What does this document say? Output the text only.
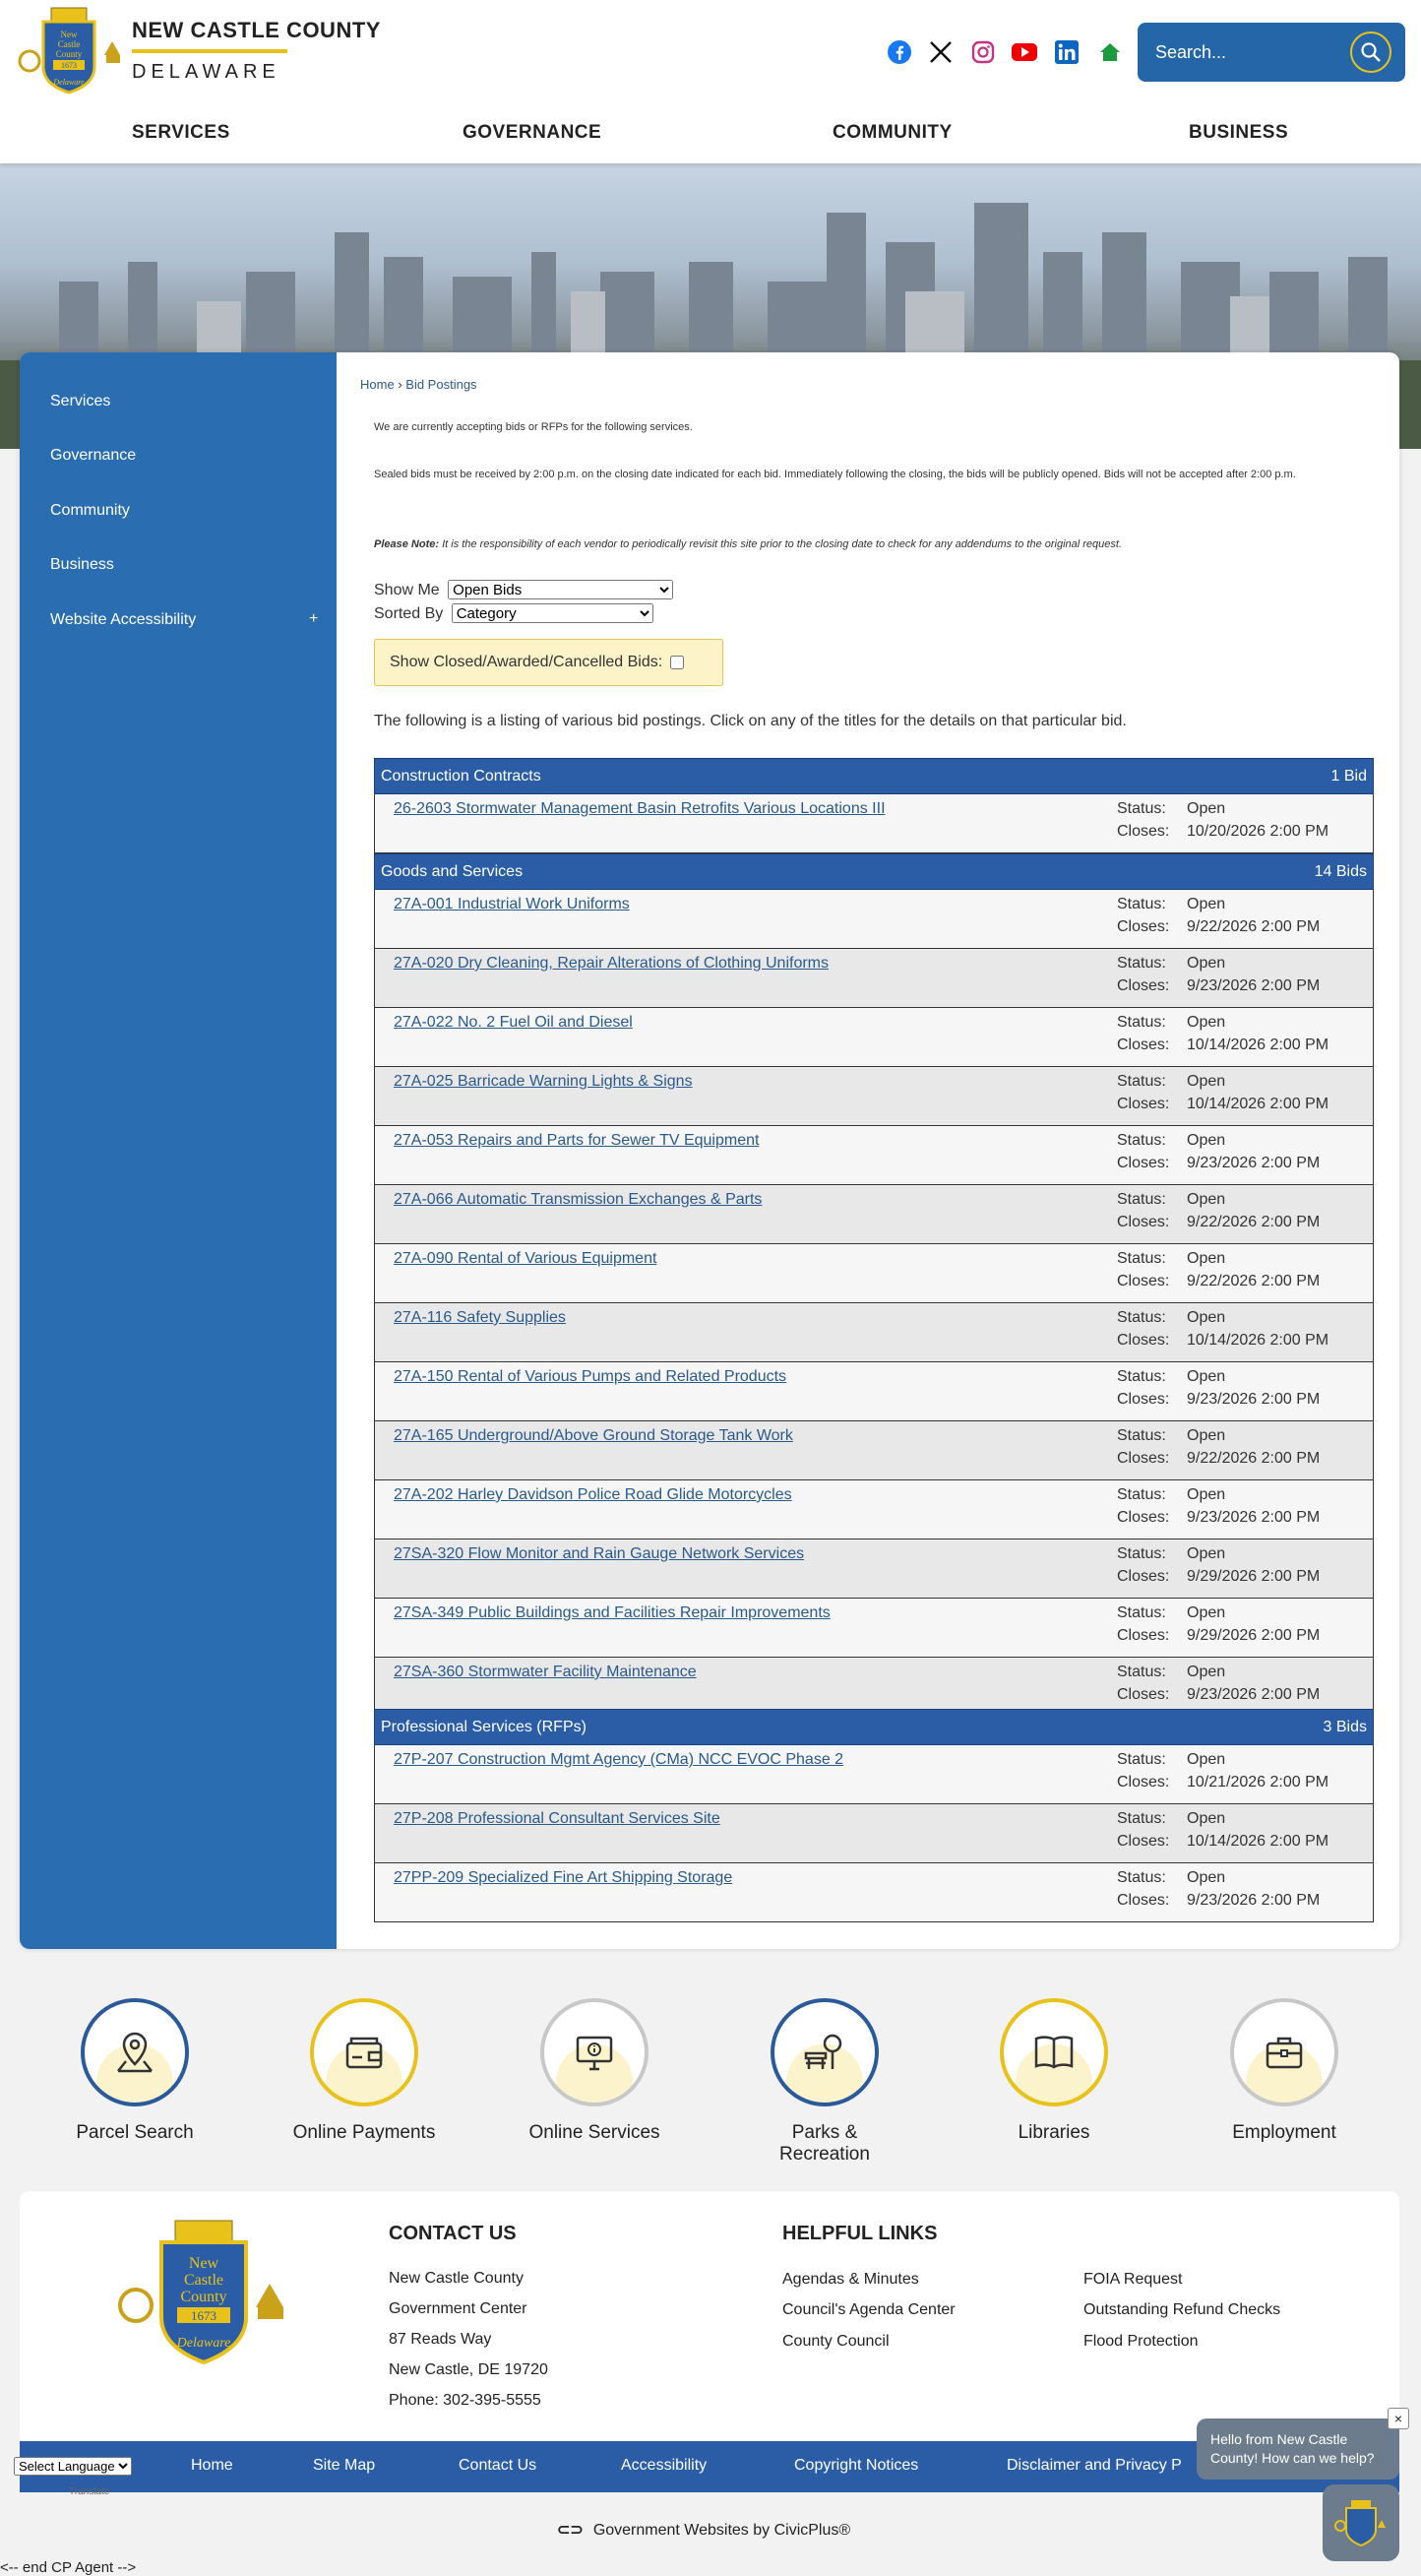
New
Castle
County
1673
Delaware
NEW CASTLE COUNTY
DELAWARE
Search...
SERVICES	GOVERNANCE	COMMUNITY	BUSINESS
Services
Governance
Community
Business
Website Accessibility	+
Home › Bid Postings
We are currently accepting bids or RFPs for the following services.
Sealed bids must be received by 2:00 p.m. on the closing date indicated for each bid. Immediately following the closing, the bids will be publicly opened. Bids will not be accepted after 2:00 p.m.
Please Note: It is the responsibility of each vendor to periodically revisit this site prior to the closing date to check for any addendums to the original request.
Show Me
Open Bids
Sorted By
Category
Show Closed/Awarded/Cancelled Bids:
The following is a listing of various bid postings. Click on any of the titles for the details on that particular bid.
Construction Contracts	1 Bid
26-2603 Stormwater Management Basin Retrofits Various Locations III	Status: Open
Closes: 10/20/2026 2:00 PM
Goods and Services	14 Bids
27A-001 Industrial Work Uniforms	Status: Open
Closes: 9/22/2026 2:00 PM
27A-020 Dry Cleaning, Repair Alterations of Clothing Uniforms	Status: Open
Closes: 9/23/2026 2:00 PM
27A-022 No. 2 Fuel Oil and Diesel	Status: Open
Closes: 10/14/2026 2:00 PM
27A-025 Barricade Warning Lights & Signs	Status: Open
Closes: 10/14/2026 2:00 PM
27A-053 Repairs and Parts for Sewer TV Equipment	Status: Open
Closes: 9/23/2026 2:00 PM
27A-066 Automatic Transmission Exchanges & Parts	Status: Open
Closes: 9/22/2026 2:00 PM
27A-090 Rental of Various Equipment	Status: Open
Closes: 9/22/2026 2:00 PM
27A-116 Safety Supplies	Status: Open
Closes: 10/14/2026 2:00 PM
27A-150 Rental of Various Pumps and Related Products	Status: Open
Closes: 9/23/2026 2:00 PM
27A-165 Underground/Above Ground Storage Tank Work	Status: Open
Closes: 9/22/2026 2:00 PM
27A-202 Harley Davidson Police Road Glide Motorcycles	Status: Open
Closes: 9/23/2026 2:00 PM
27SA-320 Flow Monitor and Rain Gauge Network Services	Status: Open
Closes: 9/29/2026 2:00 PM
27SA-349 Public Buildings and Facilities Repair Improvements	Status: Open
Closes: 9/29/2026 2:00 PM
27SA-360 Stormwater Facility Maintenance	Status: Open
Closes: 9/23/2026 2:00 PM
Professional Services (RFPs)	3 Bids
27P-207 Construction Mgmt Agency (CMa) NCC EVOC Phase 2	Status: Open
Closes: 10/21/2026 2:00 PM
27P-208 Professional Consultant Services Site	Status: Open
Closes: 10/14/2026 2:00 PM
27PP-209 Specialized Fine Art Shipping Storage	Status: Open
Closes: 9/23/2026 2:00 PM
Parcel Search	Online Payments	Online Services	Parks & Recreation
Libraries	Employment
New
Castle
County
1673
Delaware
CONTACT US
New Castle County
Government Center
87 Reads Way
New Castle, DE 19720
Phone: 302-395-5555
HELPFUL LINKS
Agendas & Minutes
Council's Agenda Center
County Council
FOIA Request
Outstanding Refund Checks
Flood Protection
Home	Site Map	Contact Us	Accessibility	Copyright Notices	Disclaimer and Privacy P
Select Language
Translate
⊂⊃ Government Websites by CivicPlus®
<-- end CP Agent -->
Hello from New Castle County! How can we help?
×
